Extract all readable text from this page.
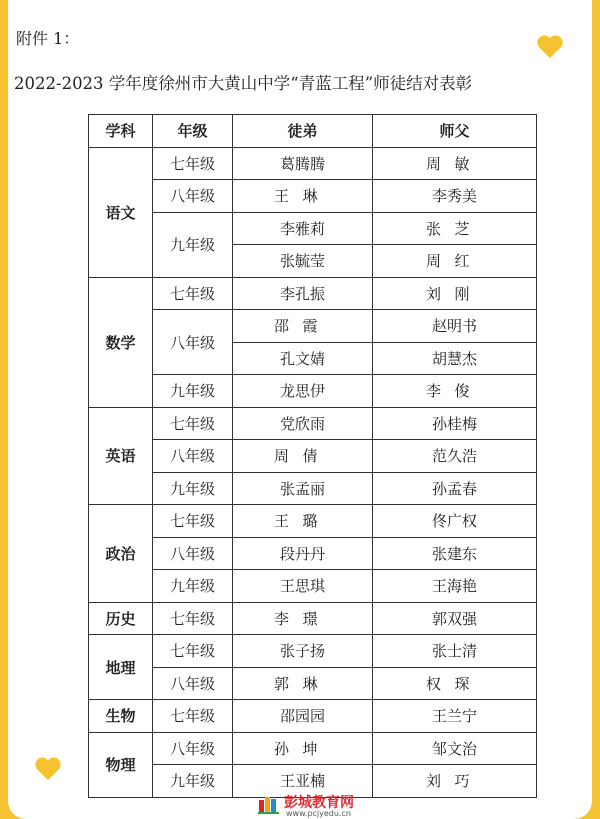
附件 1：
2022-2023 学年度徐州市大黄山中学“青蓝工程”师徒结对表彰
学科	年级	徒弟	师父
语文	七年级	葛腾腾	周敏
	八年级	王琳	李秀美
	九年级	李雅莉	张芝
		张毓莹	周红
数学	七年级	李孔振	刘刚
	八年级	邵霞	赵明书
		孔文婧	胡慧杰
	九年级	龙思伊	李俊
英语	七年级	党欣雨	孙桂梅
	八年级	周倩	范久浩
	九年级	张孟丽	孙孟春
政治	七年级	王璐	佟广权
	八年级	段丹丹	张建东
	九年级	王思琪	王海艳
历史	七年级	李璟	郭双强
地理	七年级	张子扬	张士清
	八年级	郭琳	权琛
生物	七年级	邵园园	王兰宁
物理	八年级	孙坤	邹文治
	九年级	王亚楠	刘巧
彭城教育网
www.pcjyedu.cn
